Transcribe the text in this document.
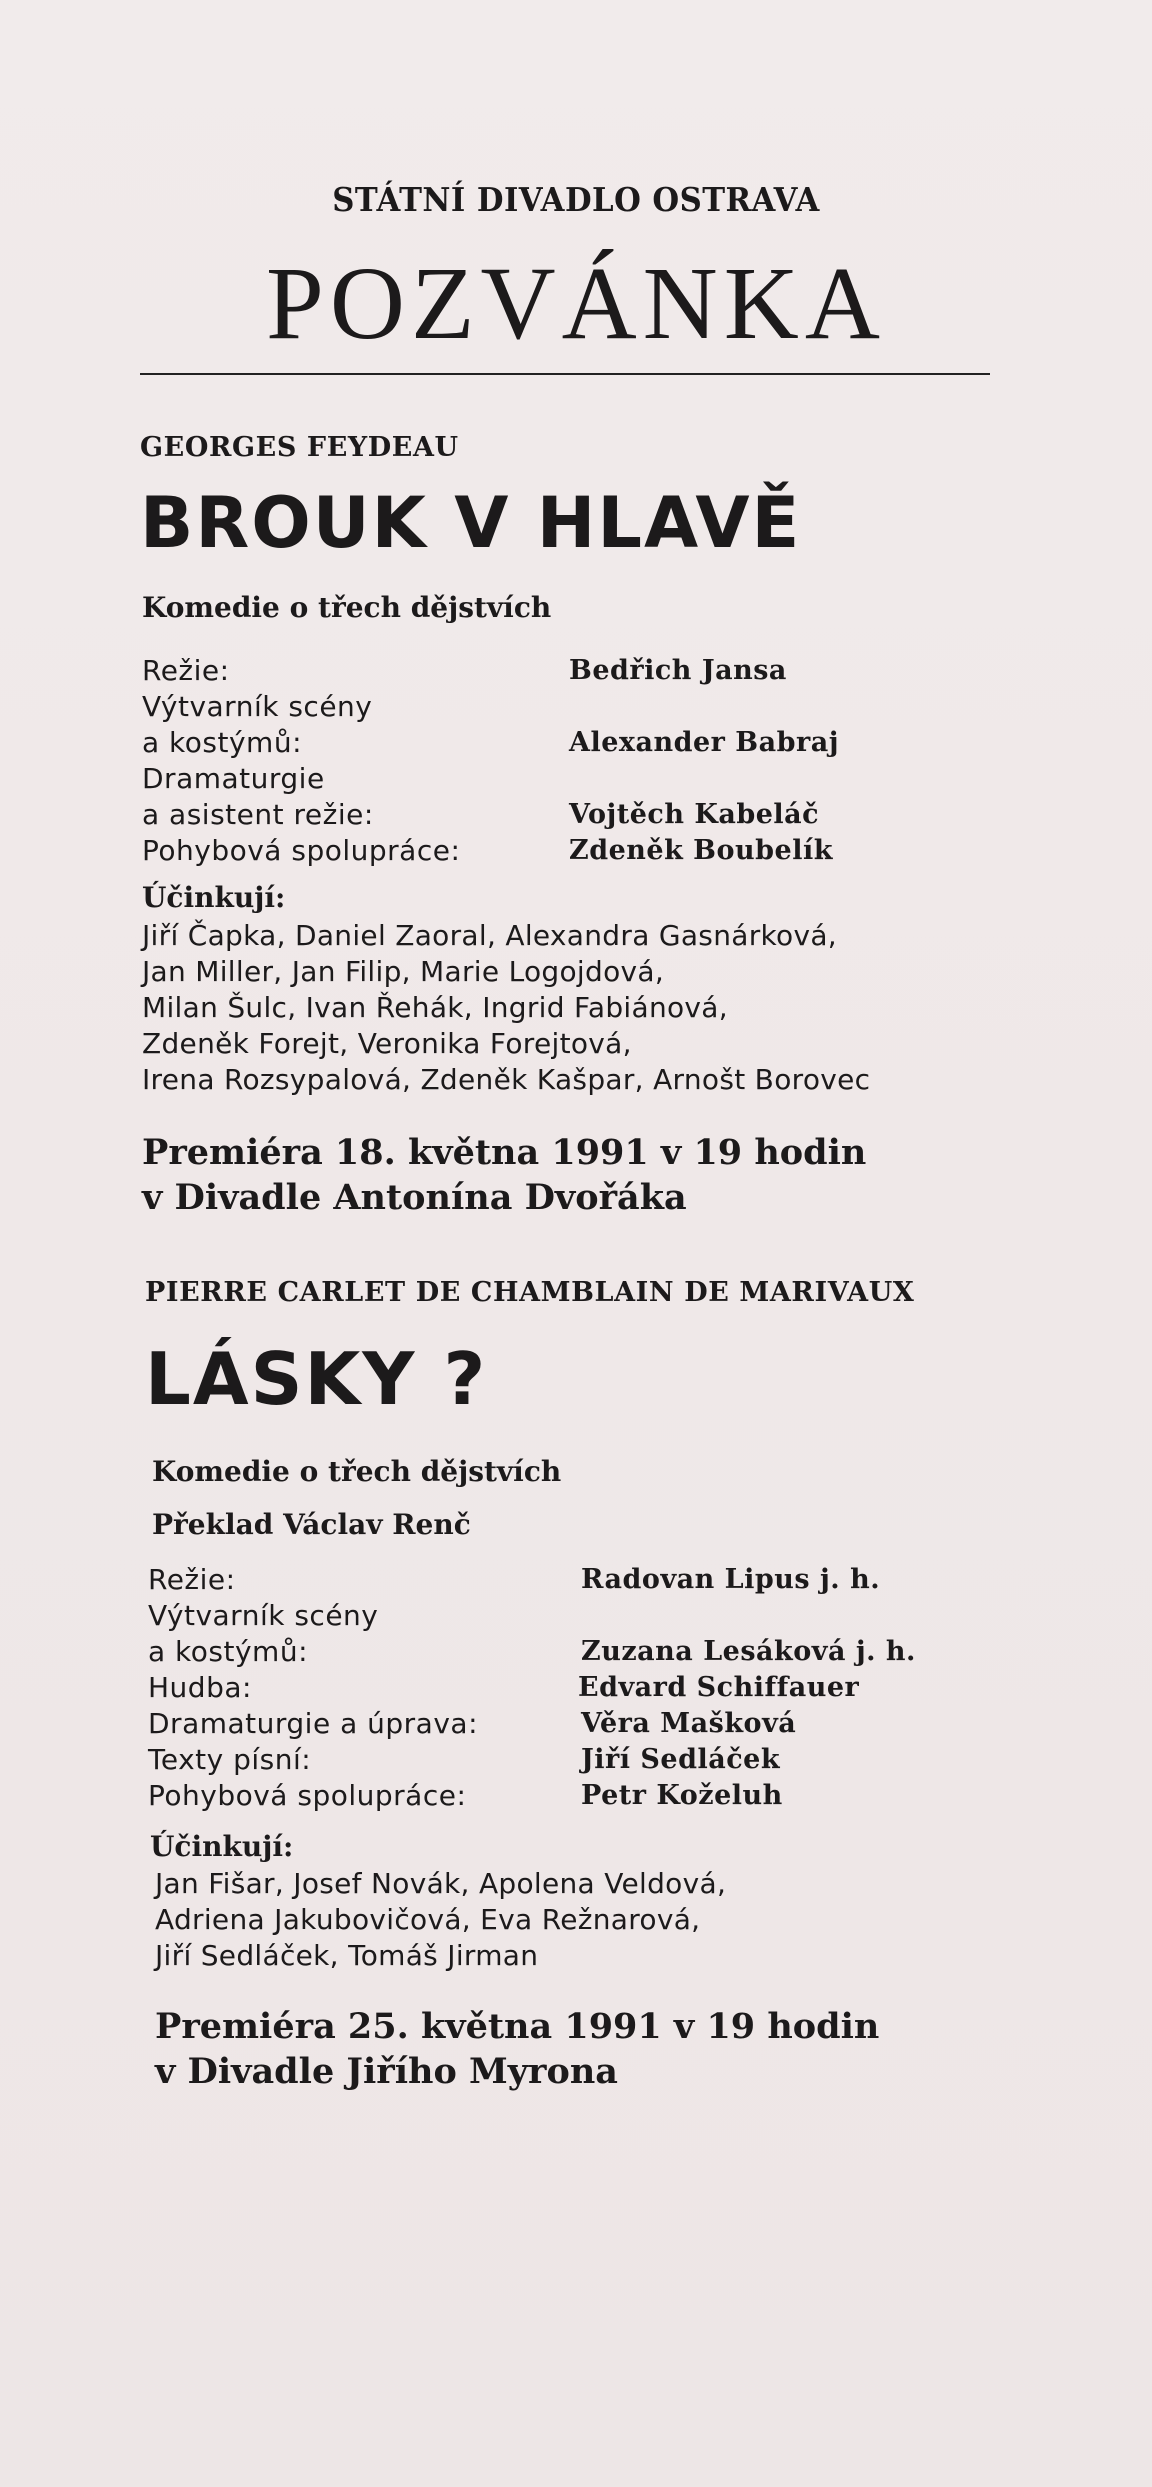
STÁTNÍ DIVADLO OSTRAVA
POZVÁNKA
GEORGES FEYDEAU
BROUK V HLAVĚ
Komedie o třech dějstvích
Režie:	Bedřich Jansa
Výtvarník scény
a kostýmů:	Alexander Babraj
Dramaturgie
a asistent režie:	Vojtěch Kabeláč
Pohybová spolupráce:	Zdeněk Boubelík
Účinkují:
Jiří Čapka, Daniel Zaoral, Alexandra Gasnárková,
Jan Miller, Jan Filip, Marie Logojdová,
Milan Šulc, Ivan Řehák, Ingrid Fabiánová,
Zdeněk Forejt, Veronika Forejtová,
Irena Rozsypalová, Zdeněk Kašpar, Arnošt Borovec
Premiéra 18. května 1991 v 19 hodin
v Divadle Antonína Dvořáka
PIERRE CARLET DE CHAMBLAIN DE MARIVAUX
LÁSKY ?
Komedie o třech dějstvích
Překlad Václav Renč
Režie:	Radovan Lipus j. h.
Výtvarník scény
a kostýmů:	Zuzana Lesáková j. h.
Hudba:	Edvard Schiffauer
Dramaturgie a úprava:	Věra Mašková
Texty písní:	Jiří Sedláček
Pohybová spolupráce:	Petr Koželuh
Účinkují:
Jan Fišar, Josef Novák, Apolena Veldová,
Adriena Jakubovičová, Eva Režnarová,
Jiří Sedláček, Tomáš Jirman
Premiéra 25. května 1991 v 19 hodin
v Divadle Jiřího Myrona
